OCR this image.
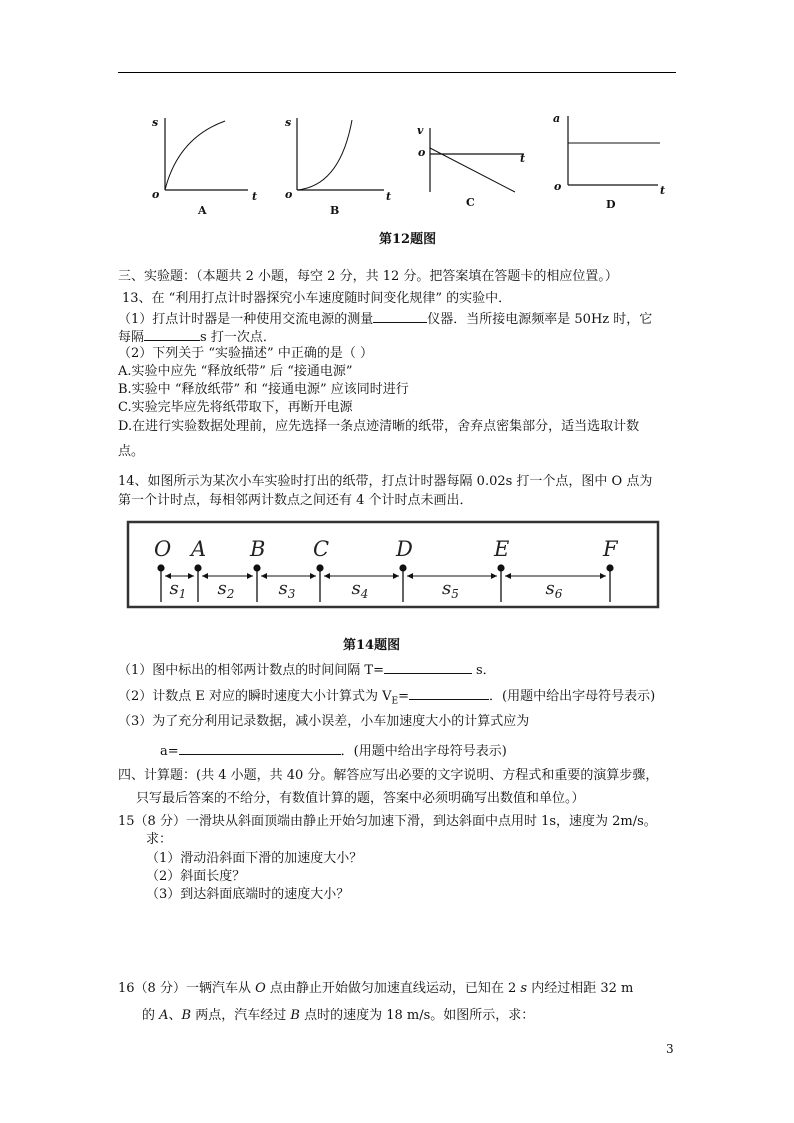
s
o	t
A
s
o	t
B
v
o	t
C
a
o	t
D
第12题图
三、实验题：（本题共 2 小题，每空 2 分，共 12 分。把答案填在答题卡的相应位置。）
13、在 “利用打点计时器探究小车速度随时间变化规律” 的实验中．
（1）打点计时器是一种使用交流电源的测量	仪器．当所接电源频率是 50Hz 时，它
每隔	s 打一次点．
（2）下列关于 “实验描述” 中正确的是（ ）
A.实验中应先 “释放纸带” 后 “接通电源”
B.实验中 “释放纸带” 和 “接通电源” 应该同时进行
C.实验完毕应先将纸带取下，再断开电源
D.在进行实验数据处理前，应先选择一条点迹清晰的纸带，舍弃点密集部分，适当选取计数
点。
14、如图所示为某次小车实验时打出的纸带，打点计时器每隔 0.02s 打一个点，图中 O 点为
第一个计时点，每相邻两计数点之间还有 4 个计时点未画出．
O A B C	D	E	F
$s_1$ $s_2$ $s_3$	$s_4$	$s_5$	$s_6$
第14题图
（1）图中标出的相邻两计数点的时间间隔 T=	s．
（2）计数点 E 对应的瞬时速度大小计算式为 $V_E=$	．(用题中给出字母符号表示)
（3）为了充分利用记录数据，减小误差，小车加速度大小的计算式应为
a=	．(用题中给出字母符号表示)
四、计算题：(共 4 小题，共 40 分。解答应写出必要的文字说明、方程式和重要的演算步骤，
只写最后答案的不给分，有数值计算的题，答案中必须明确写出数值和单位。）
15（8 分）一滑块从斜面顶端由静止开始匀加速下滑，到达斜面中点用时 1s，速度为 2m/s。
求：
（1）滑动沿斜面下滑的加速度大小？
（2）斜面长度？
（3）到达斜面底端时的速度大小？
16（8 分）一辆汽车从 O 点由静止开始做匀加速直线运动，已知在 2 s 内经过相距 32 m
的 A、B 两点，汽车经过 B 点时的速度为 18 m/s。如图所示，求：
3
